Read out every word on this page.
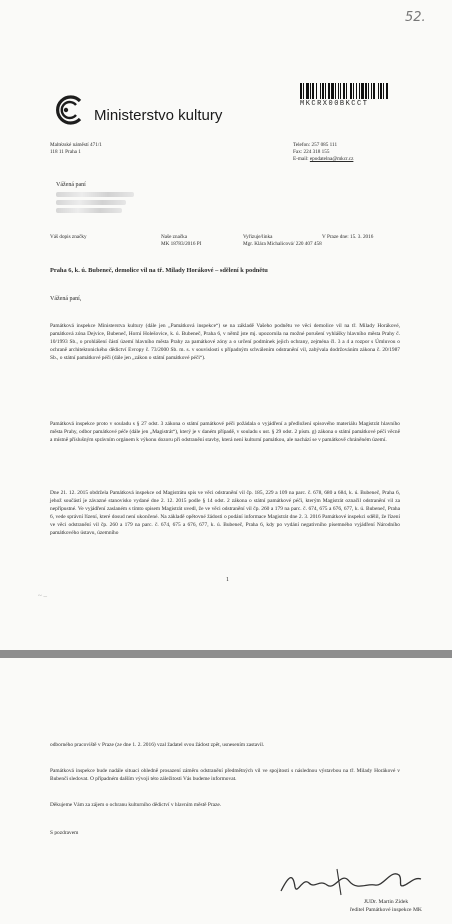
52.
Ministerstvo kultury
MKCRX00BKCCT
Maltézské náměstí 471/1
118 11 Praha 1
Telefon: 257 085 111
Fax: 224 318 155
E-mail: epodatelna@mkcr.cz
Vážená paní
Váš dopis značky	Naše značka
MK 18783/2016 PI
Vyřizuje/linka
Mgr. Klára Michalicová/ 220 407 458
V Praze dne: 15. 3. 2016
Praha 6, k. ú. Bubeneč, demolice vil na tř. Milady Horákové – sdělení k podnětu
Vážená paní,
Památková inspekce Ministerstva kultury (dále jen „Památková inspekce“) se na základě Vašeho podnětu ve věci demolice vil na tř. Milady Horákové, památková zóna Dejvice, Bubeneč, Horní Holešovice, k. ú. Bubeneč, Praha 6, v němž jste mj. upozornila na možné porušení vyhlášky hlavního města Prahy č. 10/1993 Sb., o prohlášení částí území hlavního města Prahy za památkové zóny a o určení podmínek jejich ochrany, zejména čl. 3 a 4 a rozpor s Úmluvou o ochraně architektonického dědictví Evropy č. 73/2000 Sb. m. s. v souvislosti s případným schválením odstranění vil, zabývala dodržováním zákona č. 20/1987 Sb., o státní památkové péči (dále jen „zákon o státní památkové péči“).
Památková inspekce proto v souladu s § 27 odst. 3 zákona o státní památkové péči požádala o vyjádření a předložení spisového materiálu Magistrát hlavního města Prahy, odbor památkové péče (dále jen „Magistrát“), který je v daném případě, v souladu s ust. § 29 odst. 2 písm. g) zákona o státní památkové péči věcně a místně příslušným správním orgánem k výkonu dozoru při odstranění stavby, která není kulturní památkou, ale nachází se v památkově chráněném území.
Dne 21. 12. 2015 obdržela Památková inspekce od Magistrátu spis ve věci odstranění vil čp. 185, 229 a 109 na parc. č. 678, 680 a 684, k. ú. Bubeneč, Praha 6, jehož součástí je závazné stanovisko vydané dne 2. 12. 2015 podle § 14 odst. 2 zákona o státní památkové péči, kterým Magistrát označil odstranění vil za nepřípustné. Ve vyjádření zaslaném s tímto spisem Magistrát uvedl, že ve věci odstranění vil čp. 260 a 179 na parc. č. 674, 675 a 676, 677, k. ú. Bubeneč, Praha 6, vede správní řízení, které dosud není ukončené. Na základě opětovné žádosti o podání informace Magistrát dne 2. 3. 2016 Památkové inspekci sdělil, že řízení ve věci odstranění vil čp. 260 a 179 na parc. č. 674, 675 a 676, 677, k. ú. Bubeneč, Praha 6, kdy po vydání negativního písemného vyjádření Národního památkového ústavu, územního
~ –
1
odborného pracoviště v Praze (ze dne 1. 2. 2016) vzal žadatel svou žádost zpět, usnesením zastavil.
Památková inspekce bude nadále situaci ohledně prosazení záměru odstranění předmětných vil ve spojitosti s následnou výstavbou na tř. Milady Horákové v Bubenči sledovat. O případném dalším vývoji této záležitosti Vás budeme informovat.
Děkujeme Vám za zájem o ochranu kulturního dědictví v hlavním městě Praze.
S pozdravem
JUDr. Martin Zídek
ředitel Památkové inspekce MK
